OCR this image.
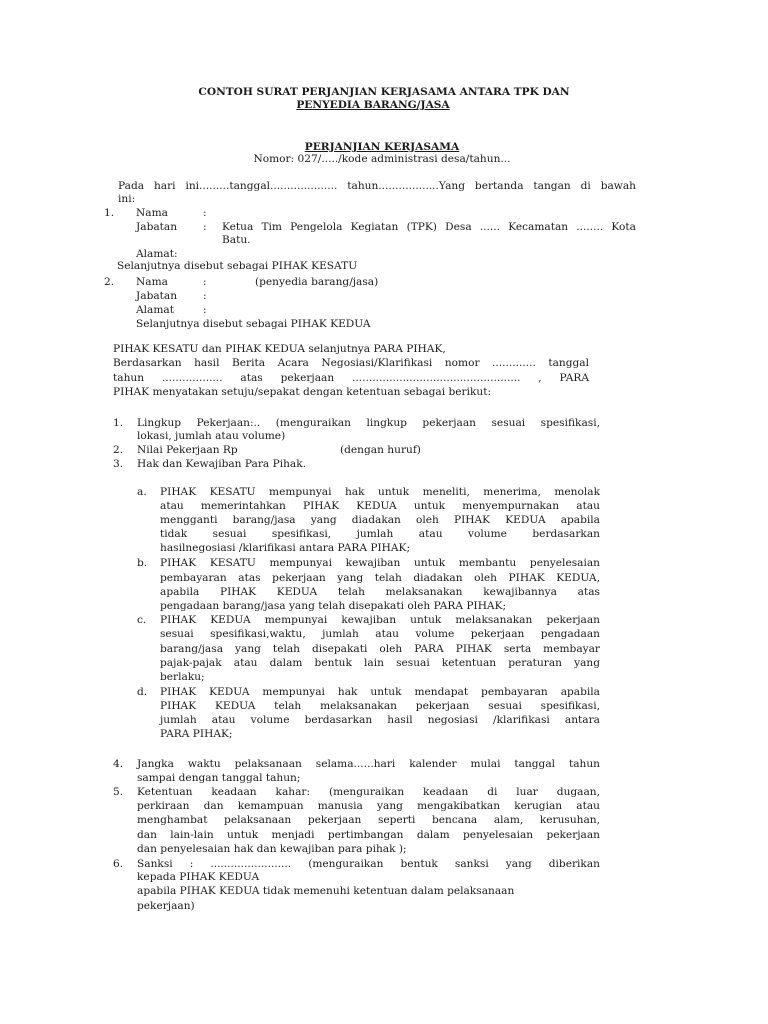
CONTOH SURAT PERJANJIAN KERJASAMA ANTARA TPK DAN
PENYEDIA BARANG/JASA
PERJANJIAN KERJASAMA
Nomor: 027/...../kode administrasi desa/tahun...
Pada hari ini.........tanggal.................... tahun..................Yang bertanda tangan di bawah
ini:
1. Nama	:
Jabatan : Ketua Tim Pengelola Kegiatan (TPK) Desa ...... Kecamatan ........ Kota
Batu.
Alamat:
Selanjutnya disebut sebagai PIHAK KESATU
2. Nama	:	(penyedia barang/jasa)
Jabatan :
Alamat	:
Selanjutnya disebut sebagai PIHAK KEDUA
PIHAK KESATU dan PIHAK KEDUA selanjutnya PARA PIHAK,
Berdasarkan hasil Berita Acara Negosiasi/Klarifikasi nomor ............. tanggal
tahun .................. atas pekerjaan .................................................. , PARA
PIHAK menyatakan setuju/sepakat dengan ketentuan sebagai berikut:
1. Lingkup Pekerjaan:.. (menguraikan lingkup pekerjaan sesuai spesifikasi,
lokasi, jumlah atau volume)
2. Nilai Pekerjaan Rp	(dengan huruf)
3. Hak dan Kewajiban Para Pihak.
a. PIHAK KESATU mempunyai hak untuk meneliti, menerima, menolak
atau memerintahkan PIHAK KEDUA untuk menyempurnakan atau
mengganti barang/jasa yang diadakan oleh PIHAK KEDUA apabila
tidak sesuai spesifikasi, jumlah atau volume berdasarkan
hasilnegosiasi /klarifikasi antara PARA PIHAK;
b. PIHAK KESATU mempunyai kewajiban untuk membantu penyelesaian
pembayaran atas pekerjaan yang telah diadakan oleh PIHAK KEDUA,
apabila PIHAK KEDUA telah melaksanakan kewajibannya atas
pengadaan barang/jasa yang telah disepakati oleh PARA PIHAK;
c. PIHAK KEDUA mempunyai kewajiban untuk melaksanakan pekerjaan
sesuai spesifikasi,waktu, jumlah atau volume pekerjaan pengadaan
barang/jasa yang telah disepakati oleh PARA PIHAK serta membayar
pajak-pajak atau dalam bentuk lain sesuai ketentuan peraturan yang
berlaku;
d. PIHAK KEDUA mempunyai hak untuk mendapat pembayaran apabila
PIHAK KEDUA telah melaksanakan pekerjaan sesuai spesifikasi,
jumlah atau volume berdasarkan hasil negosiasi /klarifikasi antara
PARA PIHAK;
4. Jangka waktu pelaksanaan selama......hari kalender mulai tanggal tahun
sampai dengan tanggal tahun;
5. Ketentuan keadaan kahar: (menguraikan keadaan di luar dugaan,
perkiraan dan kemampuan manusia yang mengakibatkan kerugian atau
menghambat pelaksanaan pekerjaan seperti bencana alam, kerusuhan,
dan lain-lain untuk menjadi pertimbangan dalam penyelesaian pekerjaan
dan penyelesaian hak dan kewajiban para pihak );
6. Sanksi : ........................ (menguraikan bentuk sanksi yang diberikan
kepada PIHAK KEDUA
apabila PIHAK KEDUA tidak memenuhi ketentuan dalam pelaksanaan
pekerjaan)
